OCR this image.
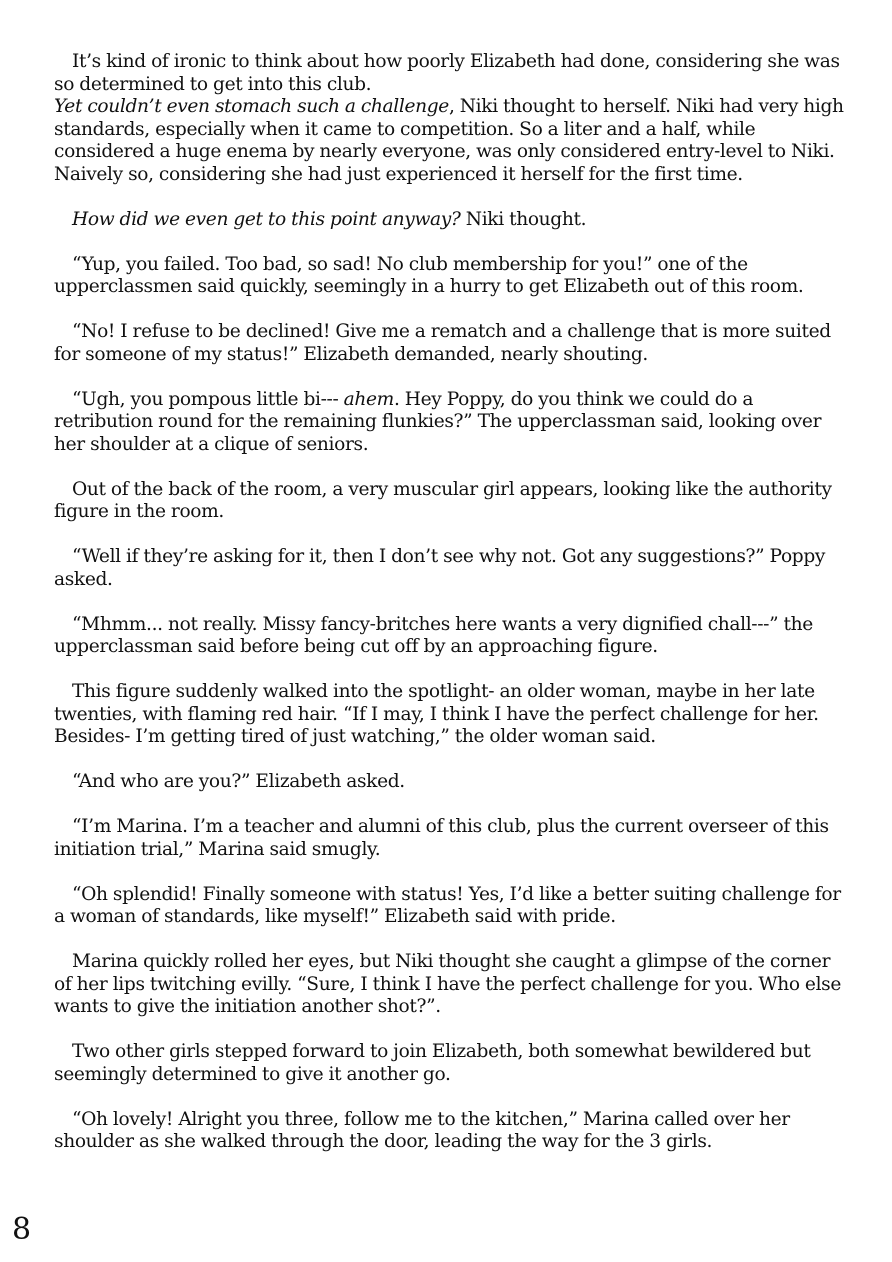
It’s kind of ironic to think about how poorly Elizabeth had done, considering she was so determined to get into this club.

Yet couldn’t even stomach such a challenge, Niki thought to herself. Niki had very high standards, especially when it came to competition. So a liter and a half, while considered a huge enema by nearly everyone, was only considered entry-level to Niki. Naively so, considering she had just experienced it herself for the first time.

How did we even get to this point anyway? Niki thought.

“Yup, you failed. Too bad, so sad! No club membership for you!” one of the upperclassmen said quickly, seemingly in a hurry to get Elizabeth out of this room.

“No! I refuse to be declined! Give me a rematch and a challenge that is more suited for someone of my status!” Elizabeth demanded, nearly shouting.

“Ugh, you pompous little bi--- ahem. Hey Poppy, do you think we could do a retribution round for the remaining flunkies?” The upperclassman said, looking over her shoulder at a clique of seniors.

Out of the back of the room, a very muscular girl appears, looking like the authority figure in the room.

“Well if they’re asking for it, then I don’t see why not. Got any suggestions?” Poppy asked.

“Mhmm... not really. Missy fancy-britches here wants a very dignified chall---” the upperclassman said before being cut off by an approaching figure.

This figure suddenly walked into the spotlight- an older woman, maybe in her late twenties, with flaming red hair. “If I may, I think I have the perfect challenge for her. Besides- I’m getting tired of just watching,” the older woman said.

“And who are you?” Elizabeth asked.

“I’m Marina. I’m a teacher and alumni of this club, plus the current overseer of this initiation trial,” Marina said smugly.

“Oh splendid! Finally someone with status! Yes, I’d like a better suiting challenge for a woman of standards, like myself!” Elizabeth said with pride.

Marina quickly rolled her eyes, but Niki thought she caught a glimpse of the corner of her lips twitching evilly. “Sure, I think I have the perfect challenge for you. Who else wants to give the initiation another shot?”.

Two other girls stepped forward to join Elizabeth, both somewhat bewildered but seemingly determined to give it another go.

“Oh lovely! Alright you three, follow me to the kitchen,” Marina called over her shoulder as she walked through the door, leading the way for the 3 girls.

8
